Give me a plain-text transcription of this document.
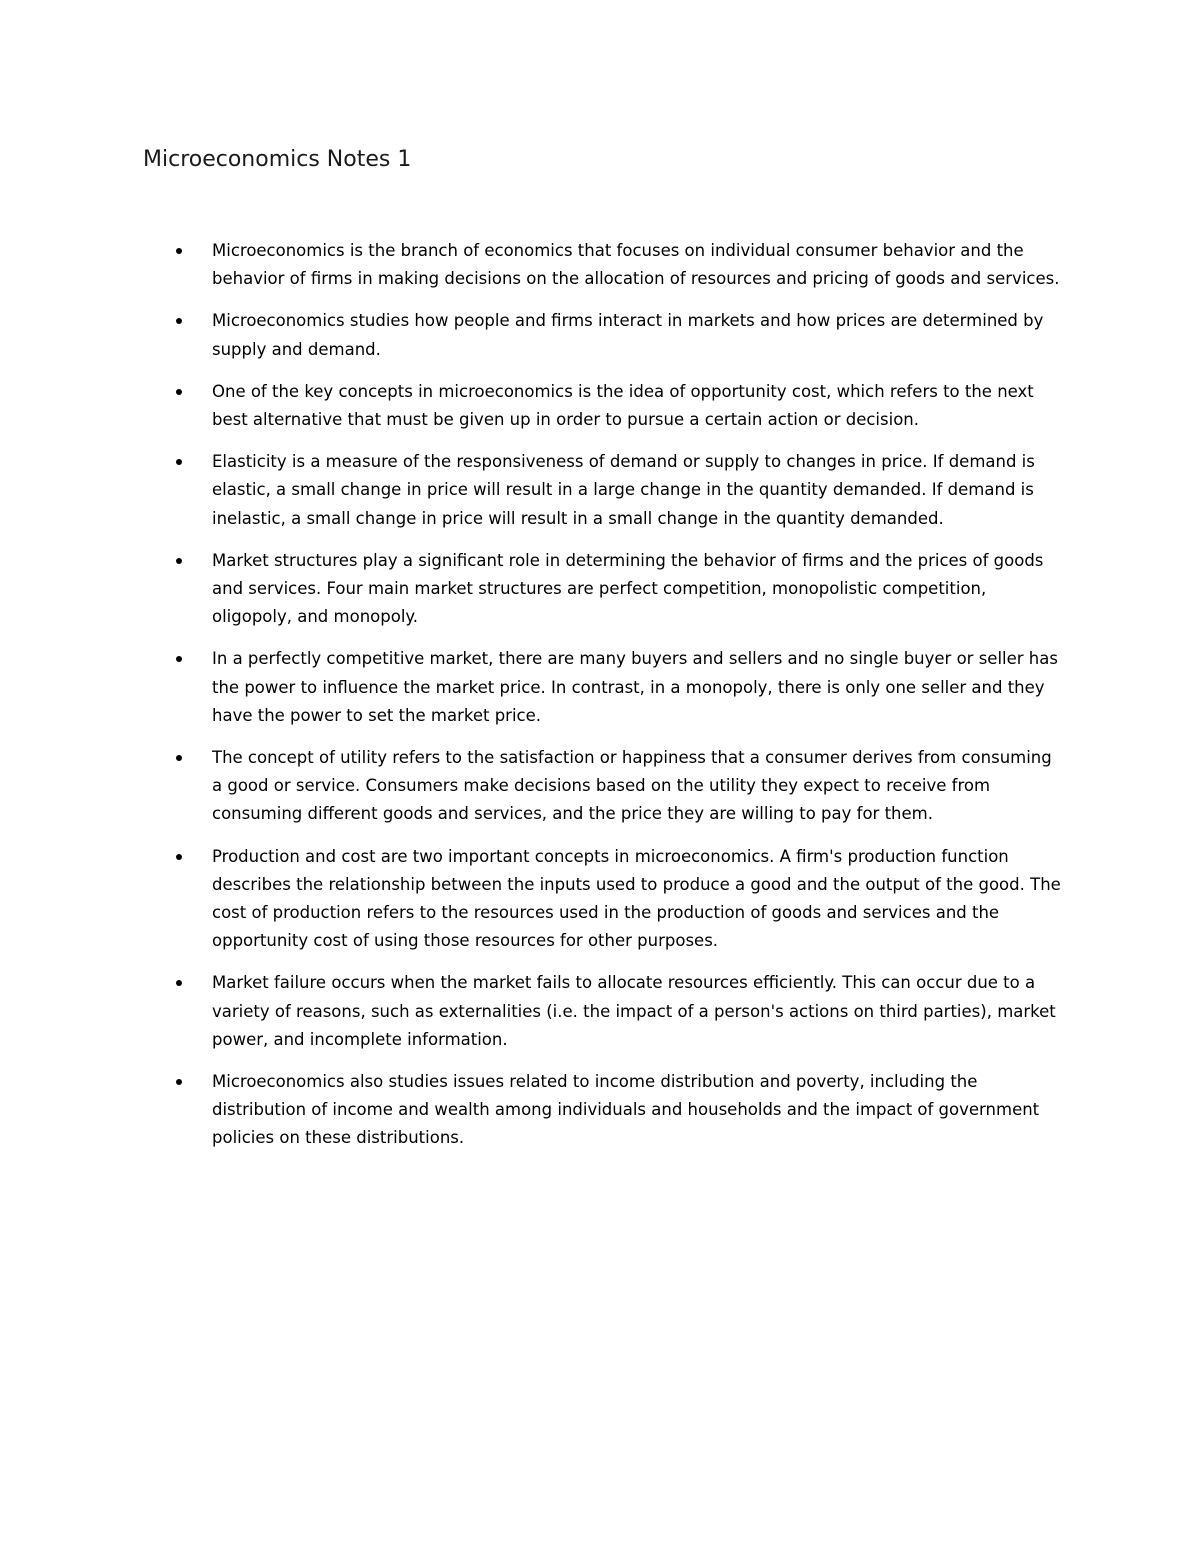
Microeconomics Notes 1
Microeconomics is the branch of economics that focuses on individual consumer behavior and the behavior of firms in making decisions on the allocation of resources and pricing of goods and services.
Microeconomics studies how people and firms interact in markets and how prices are determined by supply and demand.
One of the key concepts in microeconomics is the idea of opportunity cost, which refers to the next best alternative that must be given up in order to pursue a certain action or decision.
Elasticity is a measure of the responsiveness of demand or supply to changes in price. If demand is elastic, a small change in price will result in a large change in the quantity demanded. If demand is inelastic, a small change in price will result in a small change in the quantity demanded.
Market structures play a significant role in determining the behavior of firms and the prices of goods and services. Four main market structures are perfect competition, monopolistic competition, oligopoly, and monopoly.
In a perfectly competitive market, there are many buyers and sellers and no single buyer or seller has the power to influence the market price. In contrast, in a monopoly, there is only one seller and they have the power to set the market price.
The concept of utility refers to the satisfaction or happiness that a consumer derives from consuming a good or service. Consumers make decisions based on the utility they expect to receive from consuming different goods and services, and the price they are willing to pay for them.
Production and cost are two important concepts in microeconomics. A firm's production function describes the relationship between the inputs used to produce a good and the output of the good. The cost of production refers to the resources used in the production of goods and services and the opportunity cost of using those resources for other purposes.
Market failure occurs when the market fails to allocate resources efficiently. This can occur due to a variety of reasons, such as externalities (i.e. the impact of a person's actions on third parties), market power, and incomplete information.
Microeconomics also studies issues related to income distribution and poverty, including the distribution of income and wealth among individuals and households and the impact of government policies on these distributions.
